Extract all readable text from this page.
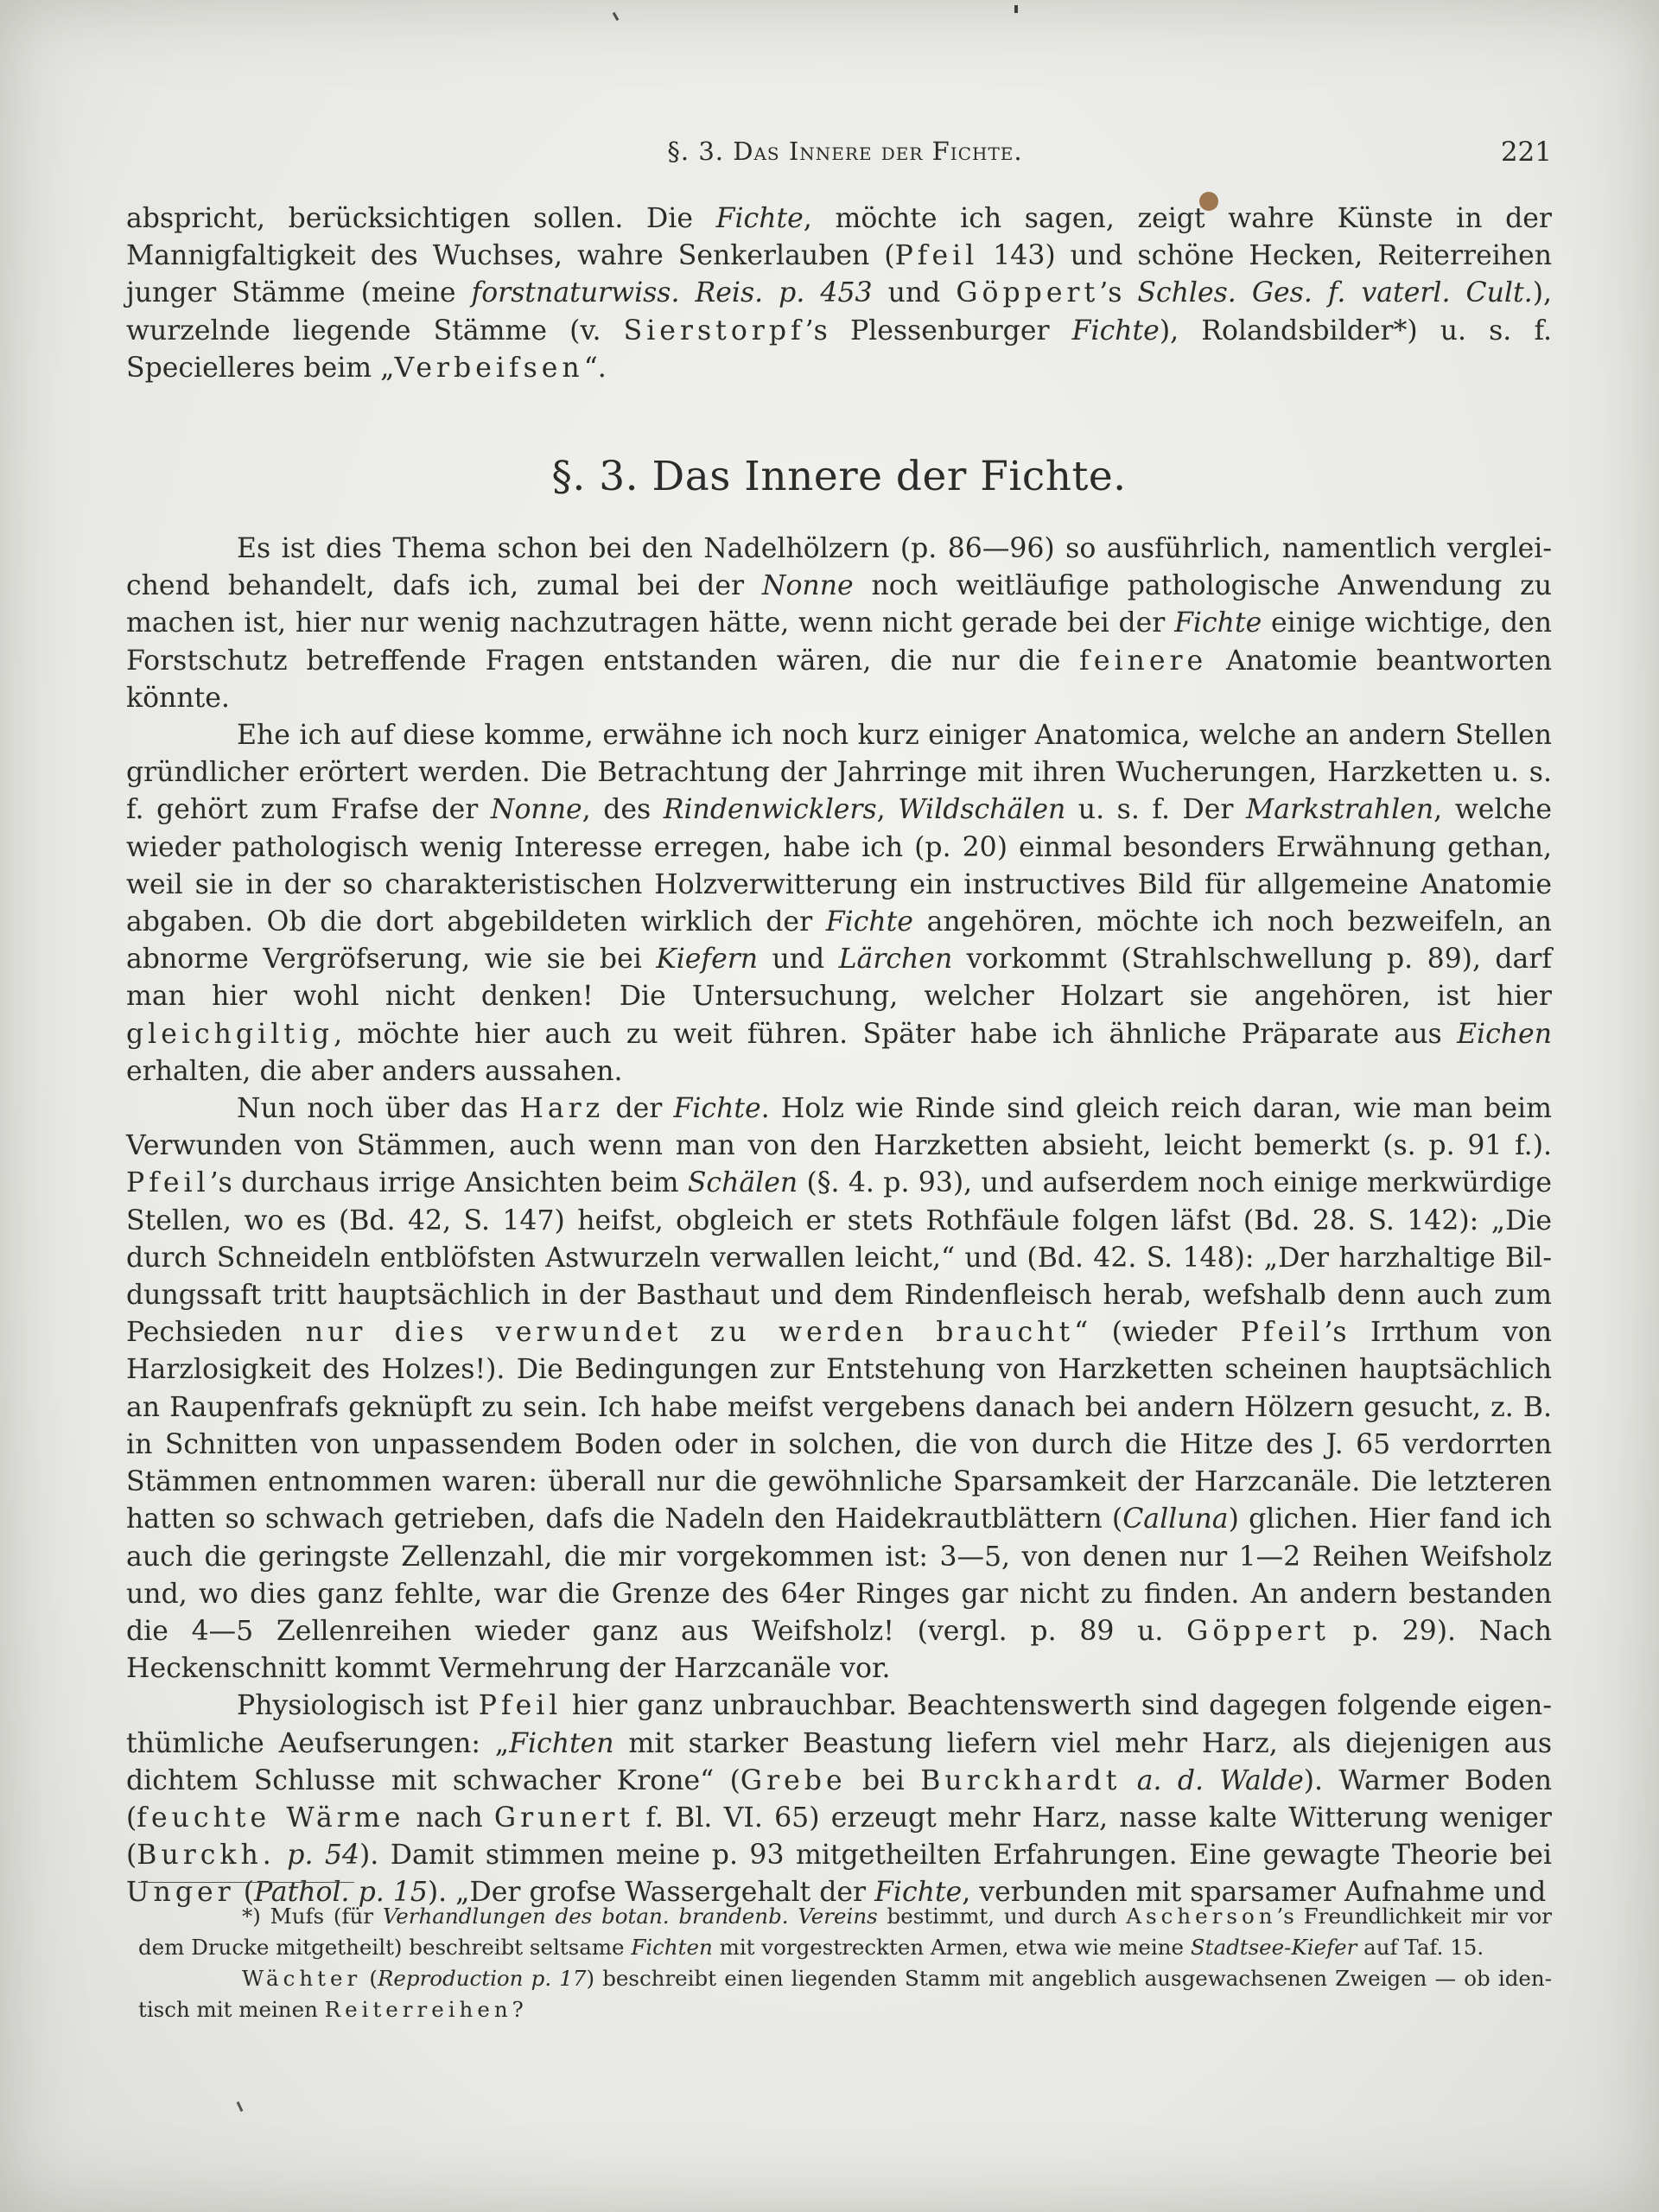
§. 3. Das Innere der Fichte.	221

abspricht, berücksichtigen sollen. Die Fichte, möchte ich sagen, zeigt wahre Künste in der Mannigfaltigkeit des Wuchses, wahre Senkerlauben (Pfeil 143) und schöne Hecken, Reiterreihen junger Stämme (meine forstnaturwiss. Reis. p. 453 und Göppert’s Schles. Ges. f. vaterl. Cult.), wurzelnde liegende Stämme (v. Sierstorpf’s Plessenburger Fichte), Rolandsbilder*) u. s. f. Specielleres beim „Verbeifsen“.

§. 3. Das Innere der Fichte.

Es ist dies Thema schon bei den Nadelhölzern (p. 86—96) so ausführlich, namentlich vergleichend behandelt, dafs ich, zumal bei der Nonne noch weitläufige pathologische Anwendung zu machen ist, hier nur wenig nachzutragen hätte, wenn nicht gerade bei der Fichte einige wichtige, den Forstschutz betreffende Fragen entstanden wären, die nur die feinere Anatomie beantworten könnte.

Ehe ich auf diese komme, erwähne ich noch kurz einiger Anatomica, welche an andern Stellen gründlicher erörtert werden. Die Betrachtung der Jahrringe mit ihren Wucherungen, Harzketten u. s. f. gehört zum Frafse der Nonne, des Rindenwicklers, Wildschälen u. s. f. Der Markstrahlen, welche wieder pathologisch wenig Interesse erregen, habe ich (p. 20) einmal besonders Erwähnung gethan, weil sie in der so charakteristischen Holzverwitterung ein instructives Bild für allgemeine Anatomie abgaben. Ob die dort abgebildeten wirklich der Fichte angehören, möchte ich noch bezweifeln, an abnorme Vergröfserung, wie sie bei Kiefern und Lärchen vorkommt (Strahlschwellung p. 89), darf man hier wohl nicht denken! Die Untersuchung, welcher Holzart sie angehören, ist hier gleichgiltig, möchte hier auch zu weit führen. Später habe ich ähnliche Präparate aus Eichen erhalten, die aber anders aussahen.

Nun noch über das Harz der Fichte. Holz wie Rinde sind gleich reich daran, wie man beim Verwunden von Stämmen, auch wenn man von den Harzketten absieht, leicht bemerkt (s. p. 91 f.). Pfeil’s durchaus irrige Ansichten beim Schälen (§. 4. p. 93), und aufserdem noch einige merkwürdige Stellen, wo es (Bd. 42, S. 147) heifst, obgleich er stets Rothfäule folgen läfst (Bd. 28. S. 142): „Die durch Schneideln entblöfsten Astwurzeln verwallen leicht,“ und (Bd. 42. S. 148): „Der harzhaltige Bildungssaft tritt hauptsächlich in der Basthaut und dem Rindenfleisch herab, wefshalb denn auch zum Pechsieden nur dies verwundet zu werden braucht“ (wieder Pfeil’s Irrthum von Harzlosigkeit des Holzes!). Die Bedingungen zur Entstehung von Harzketten scheinen hauptsächlich an Raupenfrafs geknüpft zu sein. Ich habe meifst vergebens danach bei andern Hölzern gesucht, z. B. in Schnitten von unpassendem Boden oder in solchen, die von durch die Hitze des J. 65 verdorrten Stämmen entnommen waren: überall nur die gewöhnliche Sparsamkeit der Harzcanäle. Die letzteren hatten so schwach getrieben, dafs die Nadeln den Haidekrautblättern (Calluna) glichen. Hier fand ich auch die geringste Zellenzahl, die mir vorgekommen ist: 3—5, von denen nur 1—2 Reihen Weifsholz und, wo dies ganz fehlte, war die Grenze des 64er Ringes gar nicht zu finden. An andern bestanden die 4—5 Zellenreihen wieder ganz aus Weifsholz! (vergl. p. 89 u. Göppert p. 29). Nach Heckenschnitt kommt Vermehrung der Harzcanäle vor.

Physiologisch ist Pfeil hier ganz unbrauchbar. Beachtenswerth sind dagegen folgende eigenthümliche Aeufserungen: „Fichten mit starker Beastung liefern viel mehr Harz, als diejenigen aus dichtem Schlusse mit schwacher Krone“ (Grebe bei Burckhardt a. d. Walde). Warmer Boden (feuchte Wärme nach Grunert f. Bl. VI. 65) erzeugt mehr Harz, nasse kalte Witterung weniger (Burckh. p. 54). Damit stimmen meine p. 93 mitgetheilten Erfahrungen. Eine gewagte Theorie bei Unger (Pathol. p. 15). „Der grofse Wassergehalt der Fichte, verbunden mit sparsamer Aufnahme und

*) Mufs (für Verhandlungen des botan. brandenb. Vereins bestimmt, und durch Ascherson’s Freundlichkeit mir vor dem Drucke mitgetheilt) beschreibt seltsame Fichten mit vorgestreckten Armen, etwa wie meine Stadtsee-Kiefer auf Taf. 15.

Wächter (Reproduction p. 17) beschreibt einen liegenden Stamm mit angeblich ausgewachsenen Zweigen — ob identisch mit meinen Reiterreihen?
